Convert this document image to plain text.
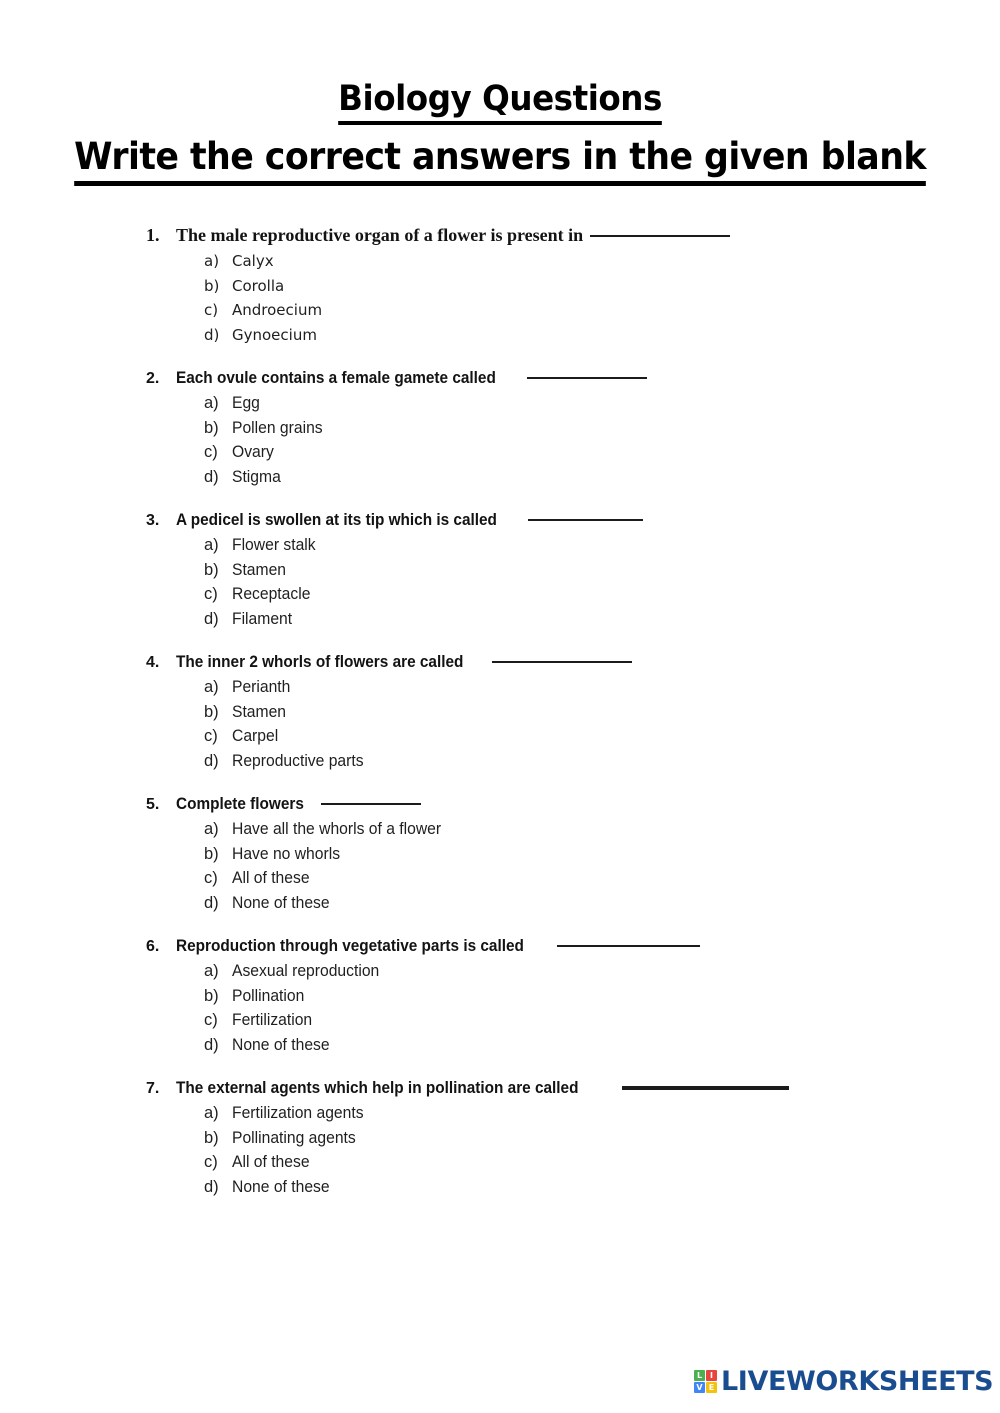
Biology Questions
Write the correct answers in the given blank
1. The male reproductive organ of a flower is present in
a) Calyx
b) Corolla
c) Androecium
d) Gynoecium
2.	Each ovule contains a female gamete called
a) Egg
b) Pollen grains
c) Ovary
d) Stigma
3.	A pedicel is swollen at its tip which is called
a) Flower stalk
b) Stamen
c) Receptacle
d) Filament
4.	The inner 2 whorls of flowers are called
a) Perianth
b) Stamen
c) Carpel
d) Reproductive parts
5.	Complete flowers
a) Have all the whorls of a flower
b) Have no whorls
c) All of these
d) None of these
6.	Reproduction through vegetative parts is called
a) Asexual reproduction
b) Pollination
c) Fertilization
d) None of these
7.	The external agents which help in pollination are called
a) Fertilization agents
b) Pollinating agents
c) All of these
d) None of these
L I
V E LIVEWORKSHEETS
